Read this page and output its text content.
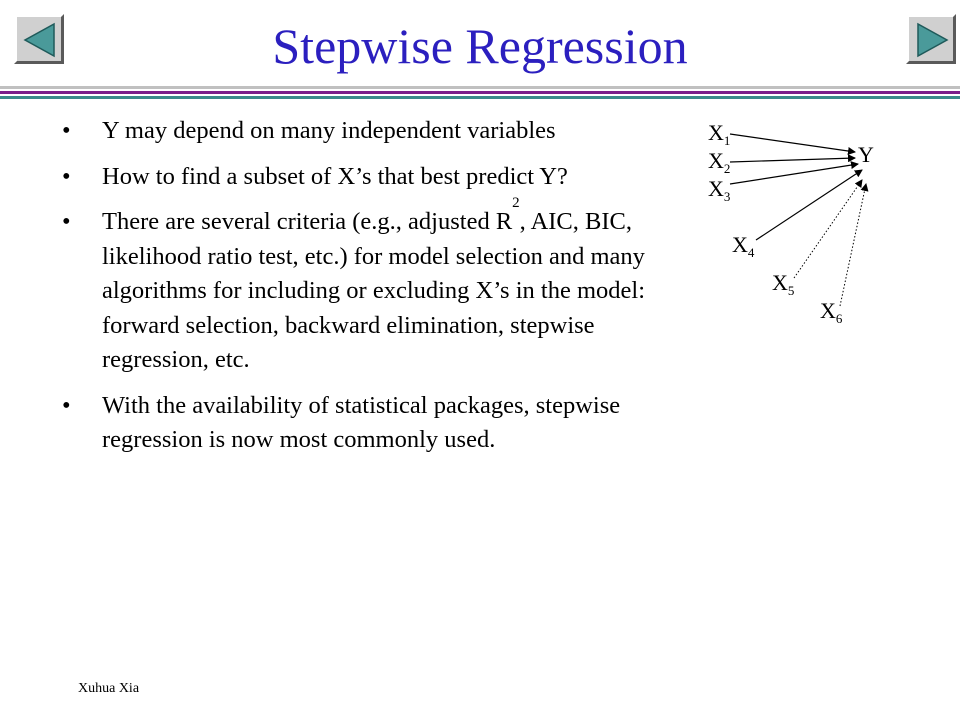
Stepwise Regression
• Y may depend on many independent variables
• How to find a subset of X’s that best predict Y?
• There are several criteria (e.g., adjusted $R^2$, AIC, BIC, likelihood ratio test, etc.) for model selection and many algorithms for including or excluding X’s in the model: forward selection, backward elimination, stepwise regression, etc.
• With the availability of statistical packages, stepwise regression is now most commonly used.
Y
$X_1$
$X_2$
$X_3$
$X_4$
$X_5$
$X_6$
Xuhua Xia
